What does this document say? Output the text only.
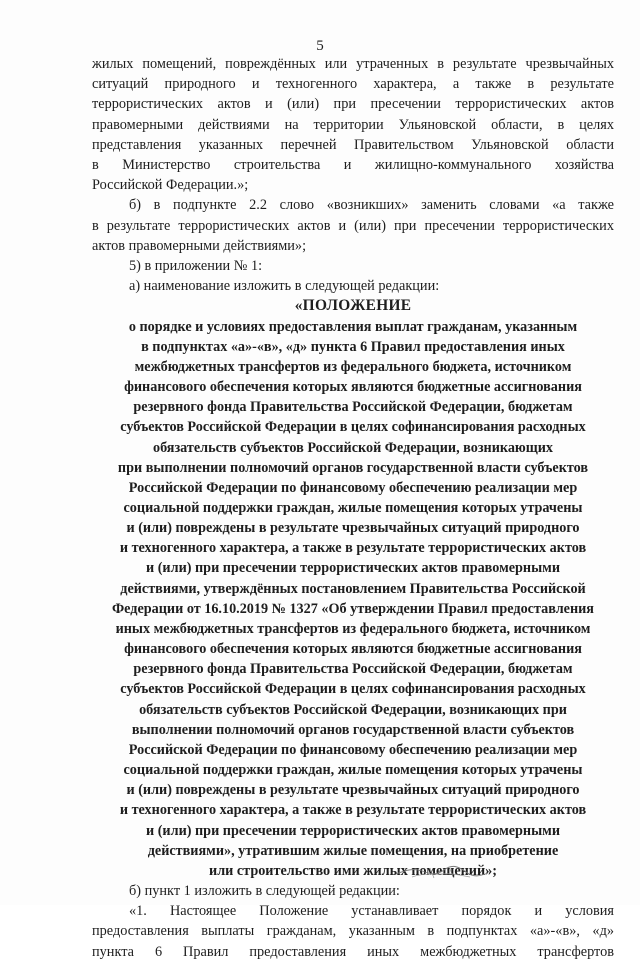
5
жилых помещений, повреждённых или утраченных в результате чрезвычайных
ситуаций природного и техногенного характера, а также в результате
террористических актов и (или) при пресечении террористических актов
правомерными действиями на территории Ульяновской области, в целях
представления указанных перечней Правительством Ульяновской области
в Министерство строительства и жилищно-коммунального хозяйства
Российской Федерации.»;
б) в подпункте 2.2 слово «возникших» заменить словами «а также
в результате террористических актов и (или) при пресечении террористических
актов правомерными действиями»;
5) в приложении № 1:
а) наименование изложить в следующей редакции:
«ПОЛОЖЕНИЕ
о порядке и условиях предоставления выплат гражданам, указанным
в подпунктах «а»-«в», «д» пункта 6 Правил предоставления иных
межбюджетных трансфертов из федерального бюджета, источником
финансового обеспечения которых являются бюджетные ассигнования
резервного фонда Правительства Российской Федерации, бюджетам
субъектов Российской Федерации в целях софинансирования расходных
обязательств субъектов Российской Федерации, возникающих
при выполнении полномочий органов государственной власти субъектов
Российской Федерации по финансовому обеспечению реализации мер
социальной поддержки граждан, жилые помещения которых утрачены
и (или) повреждены в результате чрезвычайных ситуаций природного
и техногенного характера, а также в результате террористических актов
и (или) при пресечении террористических актов правомерными
действиями, утверждённых постановлением Правительства Российской
Федерации от 16.10.2019 № 1327 «Об утверждении Правил предоставления
иных межбюджетных трансфертов из федерального бюджета, источником
финансового обеспечения которых являются бюджетные ассигнования
резервного фонда Правительства Российской Федерации, бюджетам
субъектов Российской Федерации в целях софинансирования расходных
обязательств субъектов Российской Федерации, возникающих при
выполнении полномочий органов государственной власти субъектов
Российской Федерации по финансовому обеспечению реализации мер
социальной поддержки граждан, жилые помещения которых утрачены
и (или) повреждены в результате чрезвычайных ситуаций природного
и техногенного характера, а также в результате террористических актов
и (или) при пресечении террористических актов правомерными
действиями», утратившим жилые помещения, на приобретение
или строительство ими жилых помещений»;
б) пункт 1 изложить в следующей редакции:
«1. Настоящее Положение устанавливает порядок и условия
предоставления выплаты гражданам, указанным в подпунктах «а»-«в», «д»
пункта 6 Правил предоставления иных межбюджетных трансфертов
